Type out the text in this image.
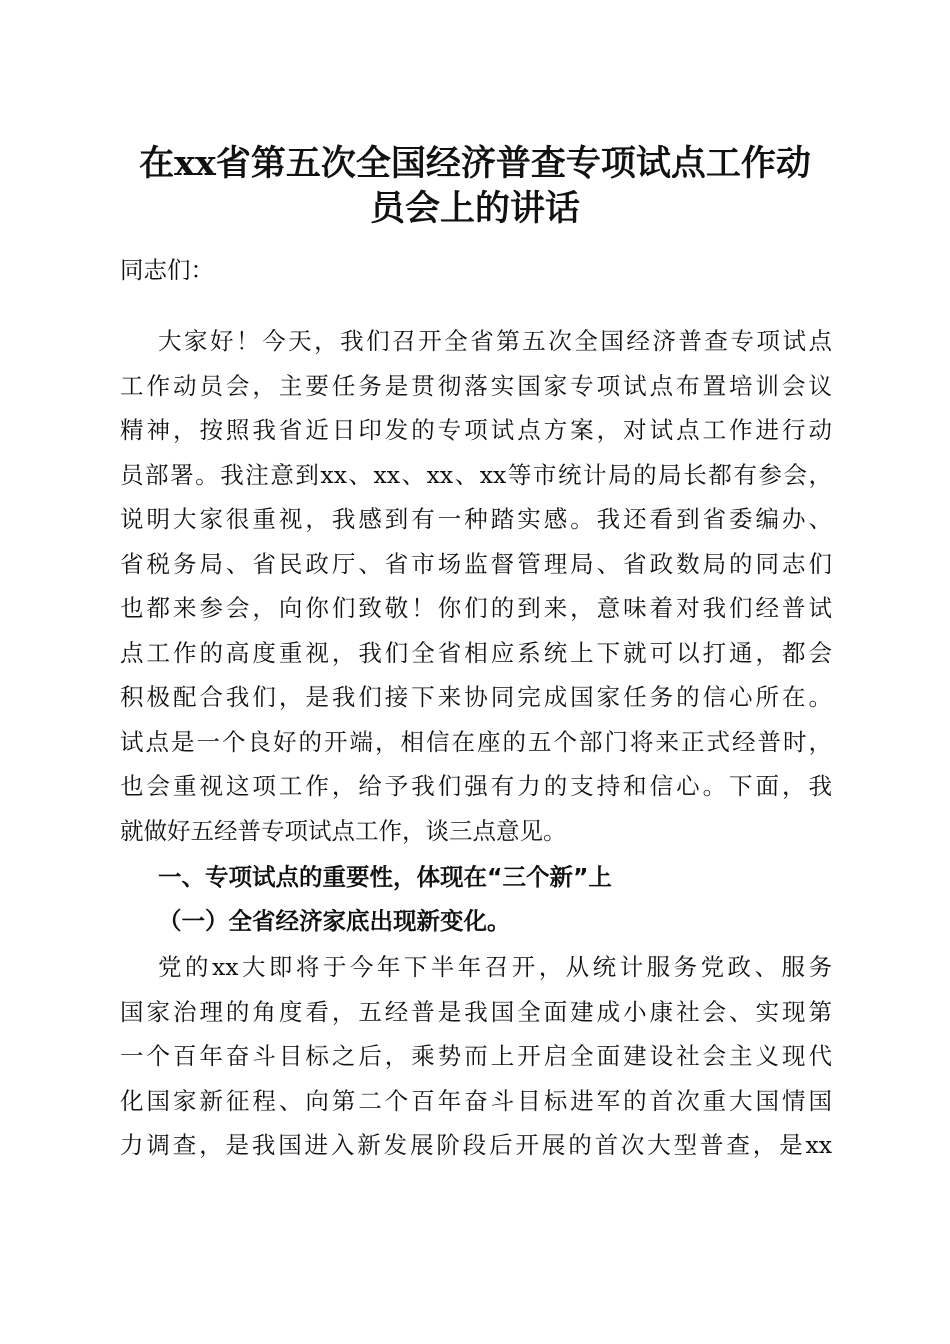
在xx省第五次全国经济普查专项试点工作动
员会上的讲话

同志们：

大家好！今天，我们召开全省第五次全国经济普查专项试点

工作动员会，主要任务是贯彻落实国家专项试点布置培训会议

精神，按照我省近日印发的专项试点方案，对试点工作进行动

员部署。我注意到xx、xx、xx、xx等市统计局的局长都有参会，

说明大家很重视，我感到有一种踏实感。我还看到省委编办、

省税务局、省民政厅、省市场监督管理局、省政数局的同志们

也都来参会，向你们致敬！你们的到来，意味着对我们经普试

点工作的高度重视，我们全省相应系统上下就可以打通，都会

积极配合我们，是我们接下来协同完成国家任务的信心所在。

试点是一个良好的开端，相信在座的五个部门将来正式经普时，

也会重视这项工作，给予我们强有力的支持和信心。下面，我

就做好五经普专项试点工作，谈三点意见。

一、专项试点的重要性，体现在“三个新”上
（一）全省经济家底出现新变化。

党的xx大即将于今年下半年召开，从统计服务党政、服务

国家治理的角度看，五经普是我国全面建成小康社会、实现第

一个百年奋斗目标之后，乘势而上开启全面建设社会主义现代

化国家新征程、向第二个百年奋斗目标进军的首次重大国情国

力调查，是我国进入新发展阶段后开展的首次大型普查，是xx
